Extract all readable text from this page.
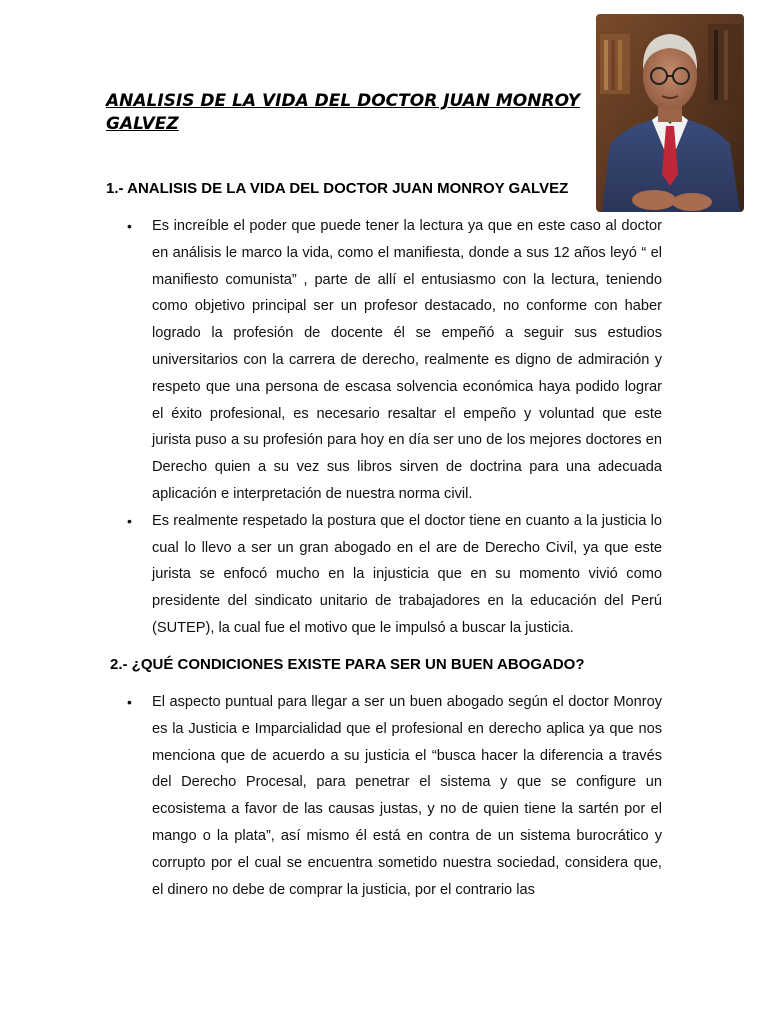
ANALISIS DE LA VIDA DEL DOCTOR JUAN MONROY GALVEZ
1.- ANALISIS DE LA VIDA DEL DOCTOR JUAN MONROY GALVEZ
• Es increíble el poder que puede tener la lectura ya que en este caso al doctor en análisis le marco la vida, como el manifiesta, donde a sus 12 años leyó “ el manifiesto comunista” , parte de allí el entusiasmo con la lectura, teniendo como objetivo principal ser un profesor destacado, no conforme con haber logrado la profesión de docente él se empeñó a seguir sus estudios universitarios con la carrera de derecho, realmente es digno de admiración y respeto que una persona de escasa solvencia económica haya podido lograr el éxito profesional, es necesario resaltar el empeño y voluntad que este jurista puso a su profesión para hoy en día ser uno de los mejores doctores en Derecho quien a su vez sus libros sirven de doctrina para una adecuada aplicación e interpretación de nuestra norma civil.
• Es realmente respetado la postura que el doctor tiene en cuanto a la justicia lo cual lo llevo a ser un gran abogado en el are de Derecho Civil, ya que este jurista se enfocó mucho en la injusticia que en su momento vivió como presidente del sindicato unitario de trabajadores en la educación del Perú (SUTEP), la cual fue el motivo que le impulsó a buscar la justicia.
2.- ¿QUÉ CONDICIONES EXISTE PARA SER UN BUEN ABOGADO?
• El aspecto puntual para llegar a ser un buen abogado según el doctor Monroy es la Justicia e Imparcialidad que el profesional en derecho aplica ya que nos menciona que de acuerdo a su justicia el “busca hacer la diferencia a través del Derecho Procesal, para penetrar el sistema y que se configure un ecosistema a favor de las causas justas, y no de quien tiene la sartén por el mango o la plata”, así mismo él está en contra de un sistema burocrático y corrupto por el cual se encuentra sometido nuestra sociedad, considera que, el dinero no debe de comprar la justicia, por el contrario las
